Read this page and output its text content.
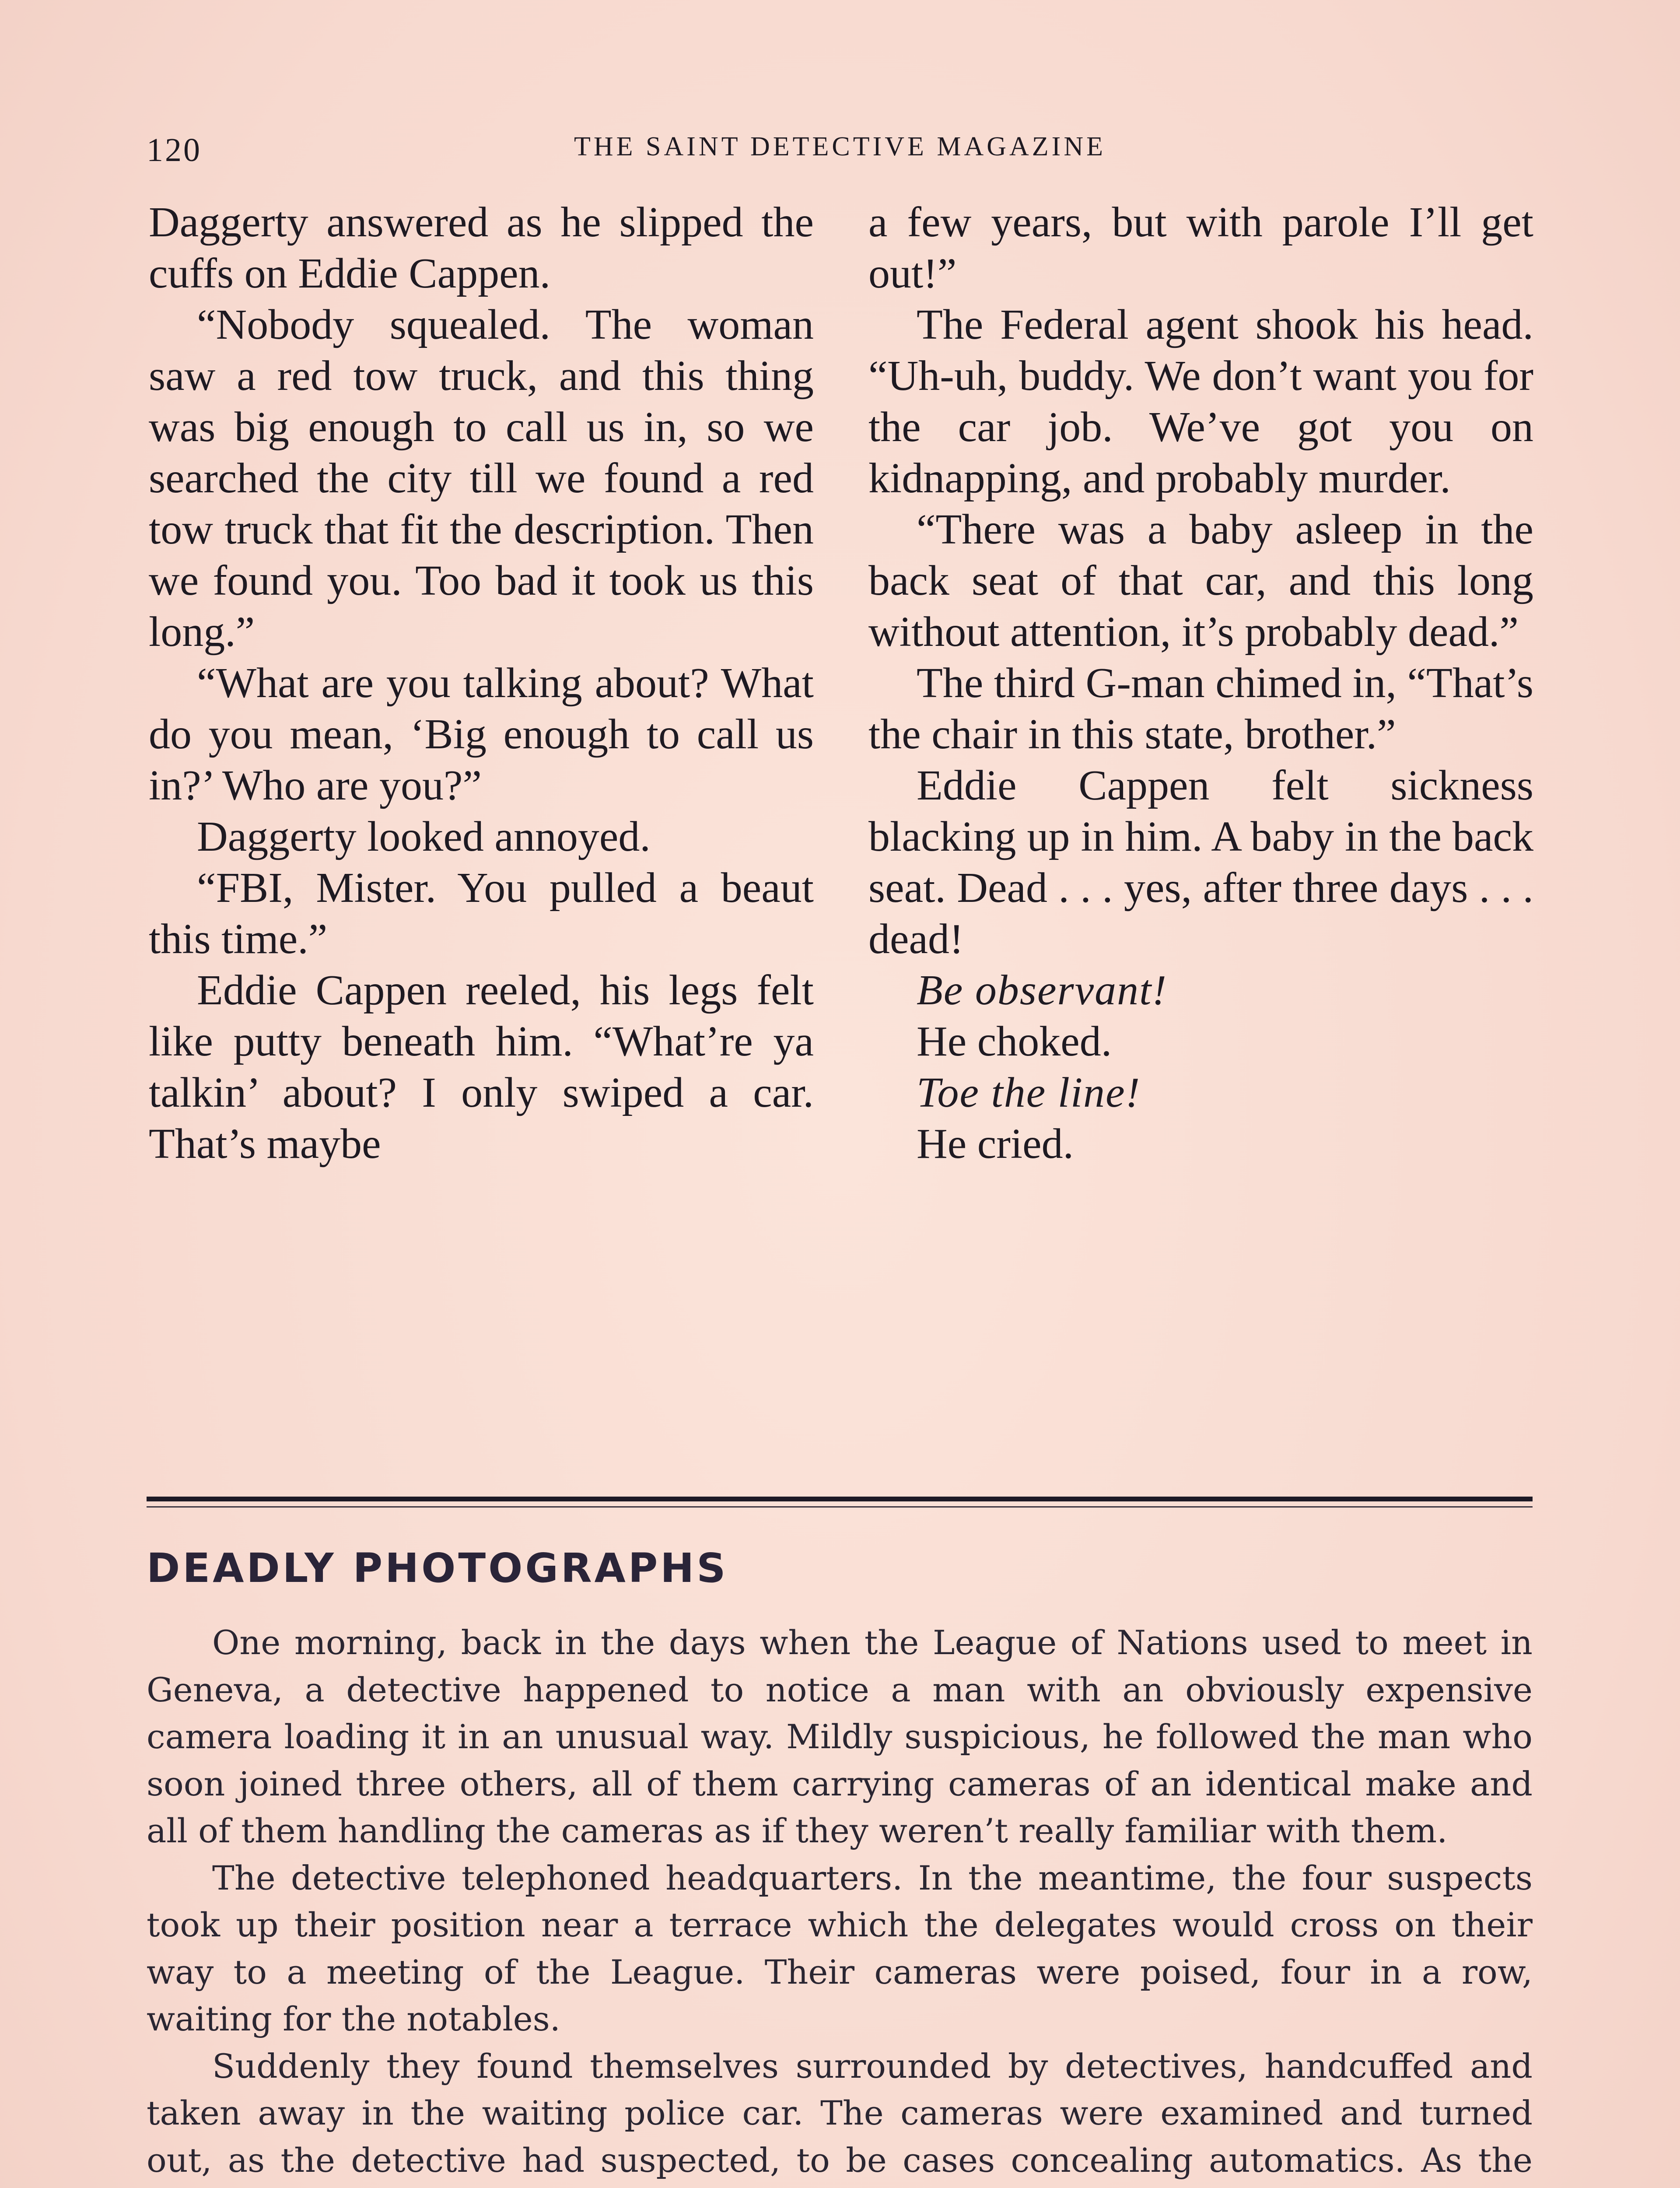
120	THE SAINT DETECTIVE MAGAZINE

Daggerty answered as he slipped the cuffs on Eddie Cappen.

“Nobody squealed. The woman saw a red tow truck, and this thing was big enough to call us in, so we searched the city till we found a red tow truck that fit the description. Then we found you. Too bad it took us this long.”

“What are you talking about? What do you mean, ‘Big enough to call us in?’ Who are you?”

Daggerty looked annoyed.

“FBI, Mister. You pulled a beaut this time.”

Eddie Cappen reeled, his legs felt like putty beneath him. “What’re ya talkin’ about? I only swiped a car. That’s maybe

a few years, but with parole I’ll get out!”

The Federal agent shook his head. “Uh-uh, buddy. We don’t want you for the car job. We’ve got you on kidnapping, and probably murder.

“There was a baby asleep in the back seat of that car, and this long without attention, it’s probably dead.”

The third G-man chimed in, “That’s the chair in this state, brother.”

Eddie Cappen felt sickness blacking up in him. A baby in the back seat. Dead . . . yes, after three days . . . dead!

Be observant!

He choked.

Toe the line!

He cried.

DEADLY PHOTOGRAPHS

One morning, back in the days when the League of Nations used to meet in Geneva, a detective happened to notice a man with an obviously expensive camera loading it in an unusual way. Mildly suspicious, he followed the man who soon joined three others, all of them carrying cameras of an identical make and all of them handling the cameras as if they weren’t really familiar with them.

The detective telephoned headquarters. In the meantime, the four suspects took up their position near a terrace which the delegates would cross on their way to a meeting of the League. Their cameras were poised, four in a row, waiting for the notables.

Suddenly they found themselves surrounded by detectives, handcuffed and taken away in the waiting police car. The cameras were examined and turned out, as the detective had suspected, to be cases concealing automatics. As the
